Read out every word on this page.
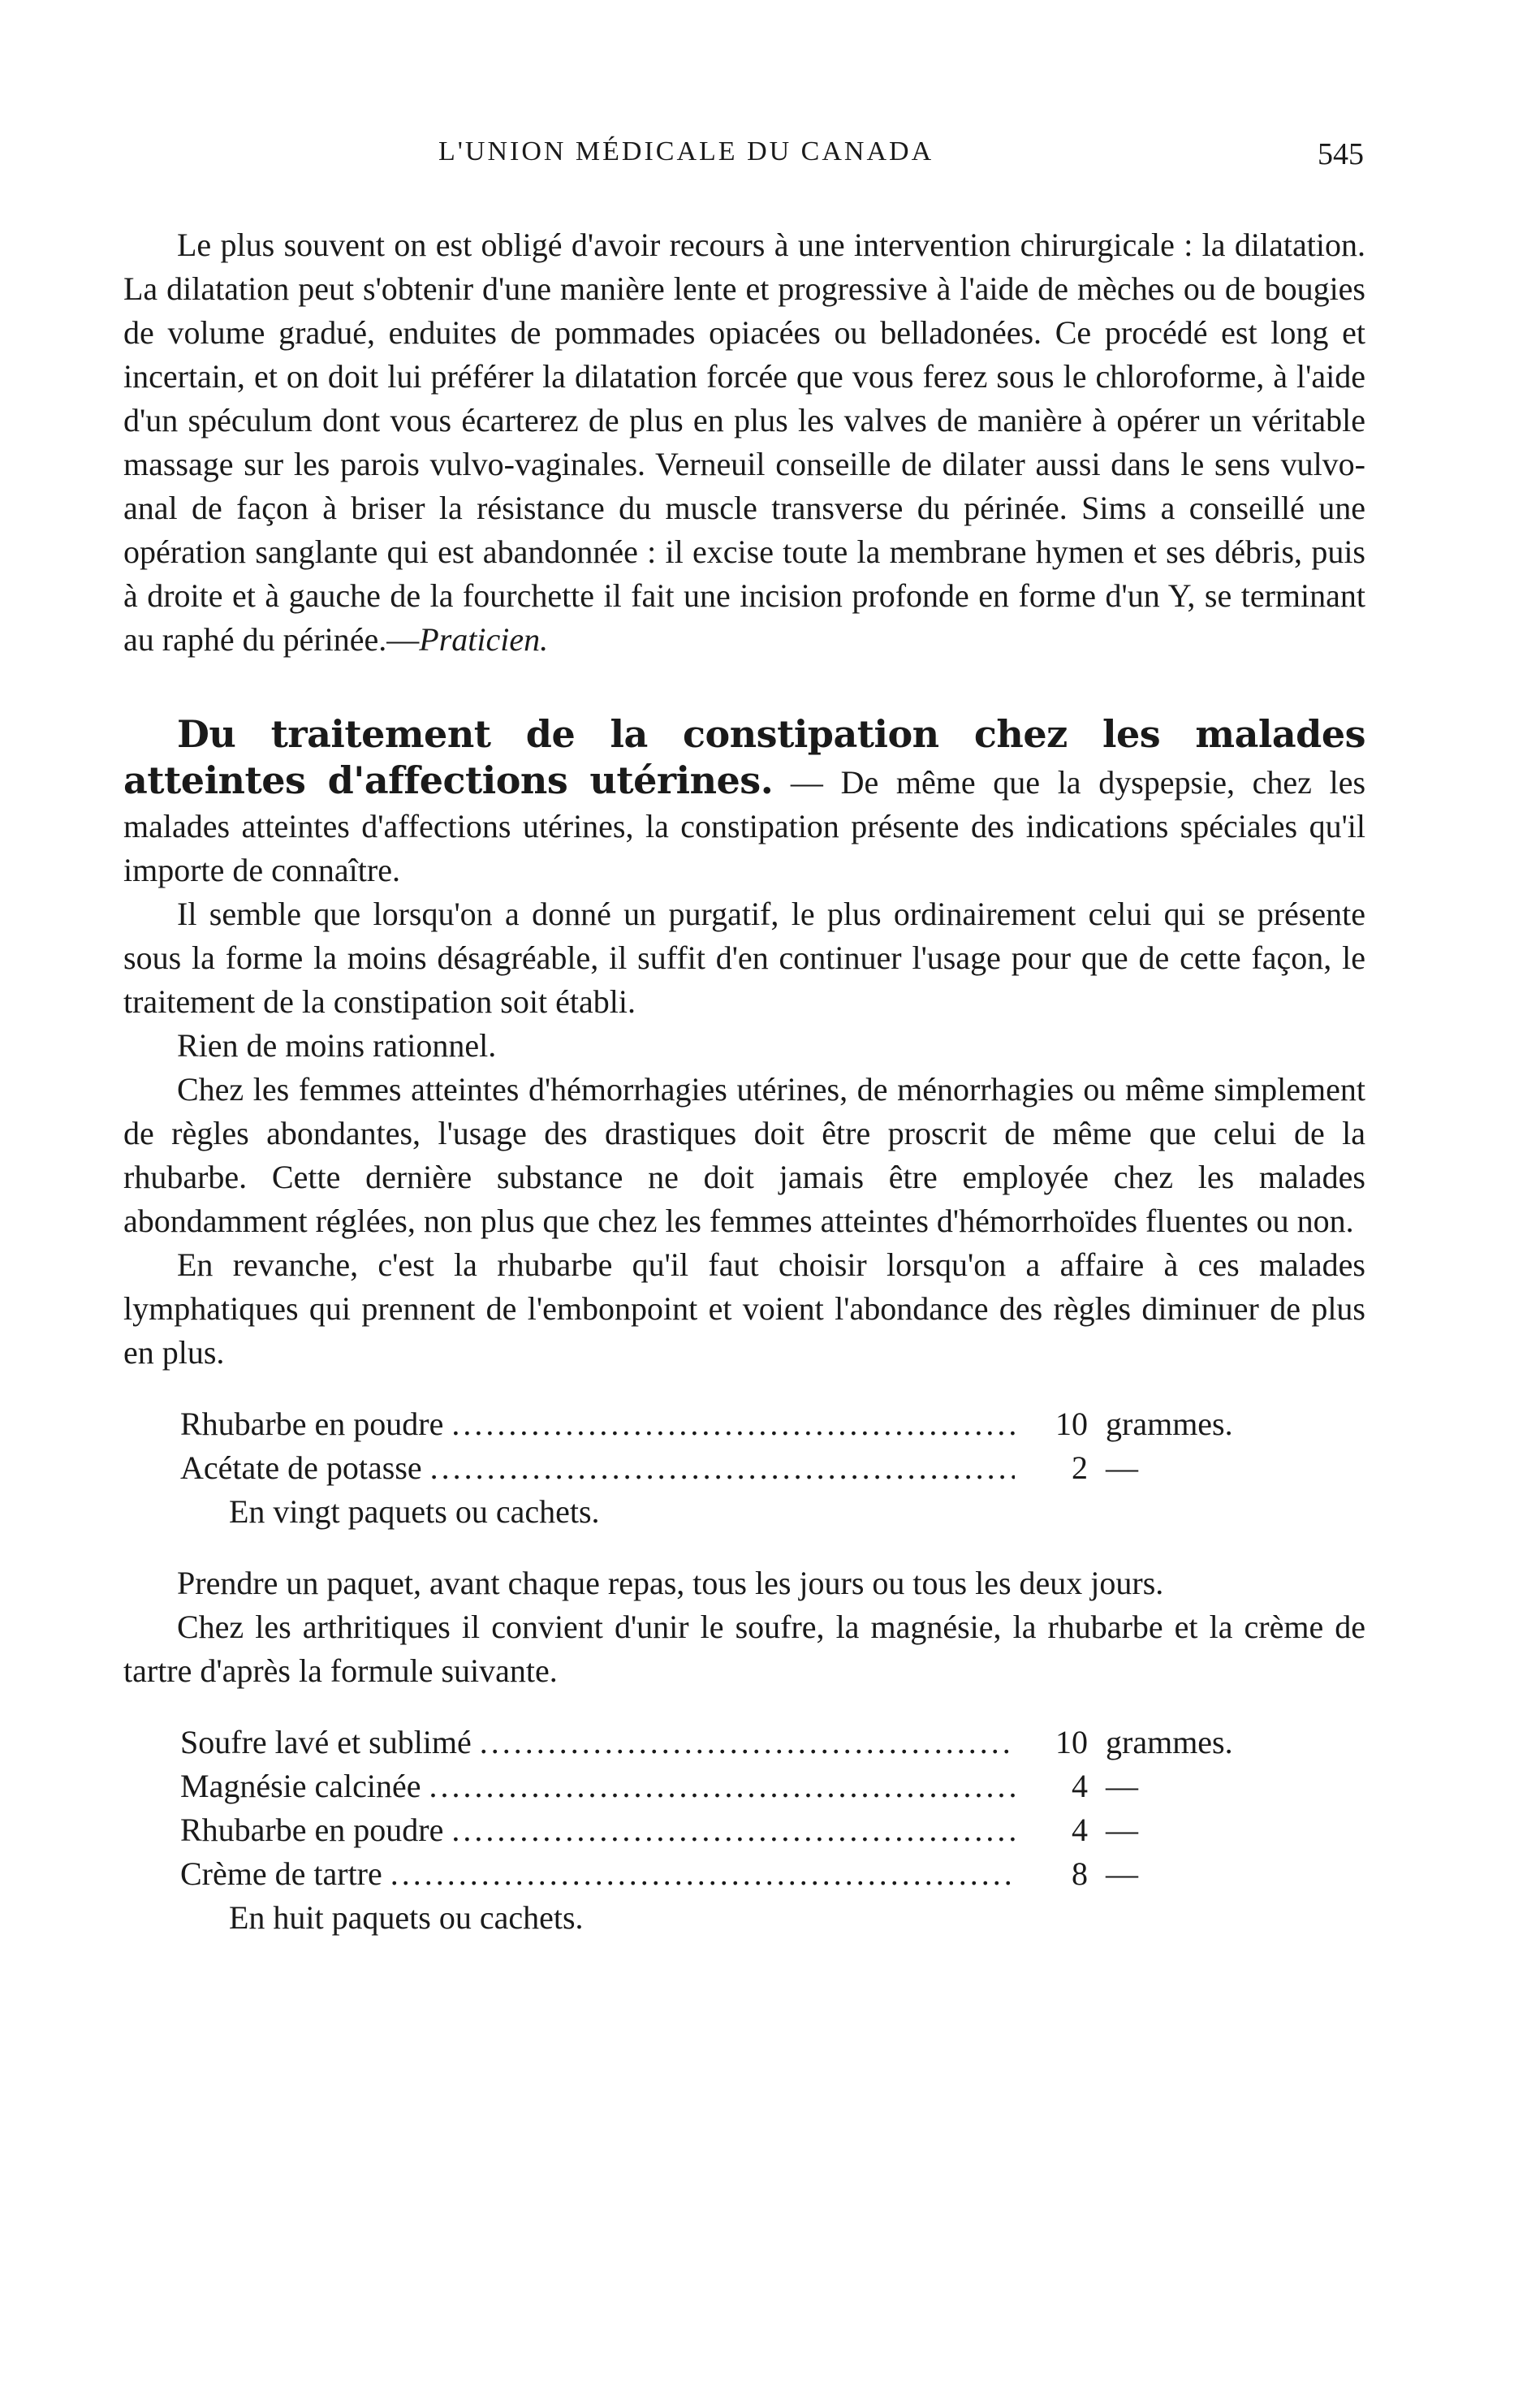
L'UNION MÉDICALE DU CANADA	545

Le plus souvent on est obligé d'avoir recours à une intervention chirurgicale : la dilatation. La dilatation peut s'obtenir d'une manière lente et progressive à l'aide de mèches ou de bougies de volume gradué, enduites de pommades opiacées ou belladonées. Ce procédé est long et incertain, et on doit lui préférer la dilatation forcée que vous ferez sous le chloroforme, à l'aide d'un spéculum dont vous écarterez de plus en plus les valves de manière à opérer un véritable massage sur les parois vulvo-vaginales. Verneuil conseille de dilater aussi dans le sens vulvo-anal de façon à briser la résistance du muscle transverse du périnée. Sims a conseillé une opération sanglante qui est abandonnée : il excise toute la membrane hymen et ses débris, puis à droite et à gauche de la fourchette il fait une incision profonde en forme d'un Y, se terminant au raphé du périnée.—Praticien.

Du traitement de la constipation chez les malades atteintes d'affections utérines. — De même que la dyspepsie, chez les malades atteintes d'affections utérines, la constipation présente des indications spéciales qu'il importe de connaître.

Il semble que lorsqu'on a donné un purgatif, le plus ordinairement celui qui se présente sous la forme la moins désagréable, il suffit d'en continuer l'usage pour que de cette façon, le traitement de la constipation soit établi.

Rien de moins rationnel.

Chez les femmes atteintes d'hémorrhagies utérines, de ménorrhagies ou même simplement de règles abondantes, l'usage des drastiques doit être proscrit de même que celui de la rhubarbe. Cette dernière substance ne doit jamais être employée chez les malades abondamment réglées, non plus que chez les femmes atteintes d'hémorrhoïdes fluentes ou non.

En revanche, c'est la rhubarbe qu'il faut choisir lorsqu'on a affaire à ces malades lymphatiques qui prennent de l'embonpoint et voient l'abondance des règles diminuer de plus en plus.

Rhubarbe en poudre .....	10 grammes.
Acétate de potasse .....	2 —
En vingt paquets ou cachets.

Prendre un paquet, avant chaque repas, tous les jours ou tous les deux jours.

Chez les arthritiques il convient d'unir le soufre, la magnésie, la rhubarbe et la crème de tartre d'après la formule suivante.

Soufre lavé et sublimé .....	10 grammes.
Magnésie calcinée .....	4 —
Rhubarbe en poudre .....	4 —
Crème de tartre .....	8 —
En huit paquets ou cachets.
